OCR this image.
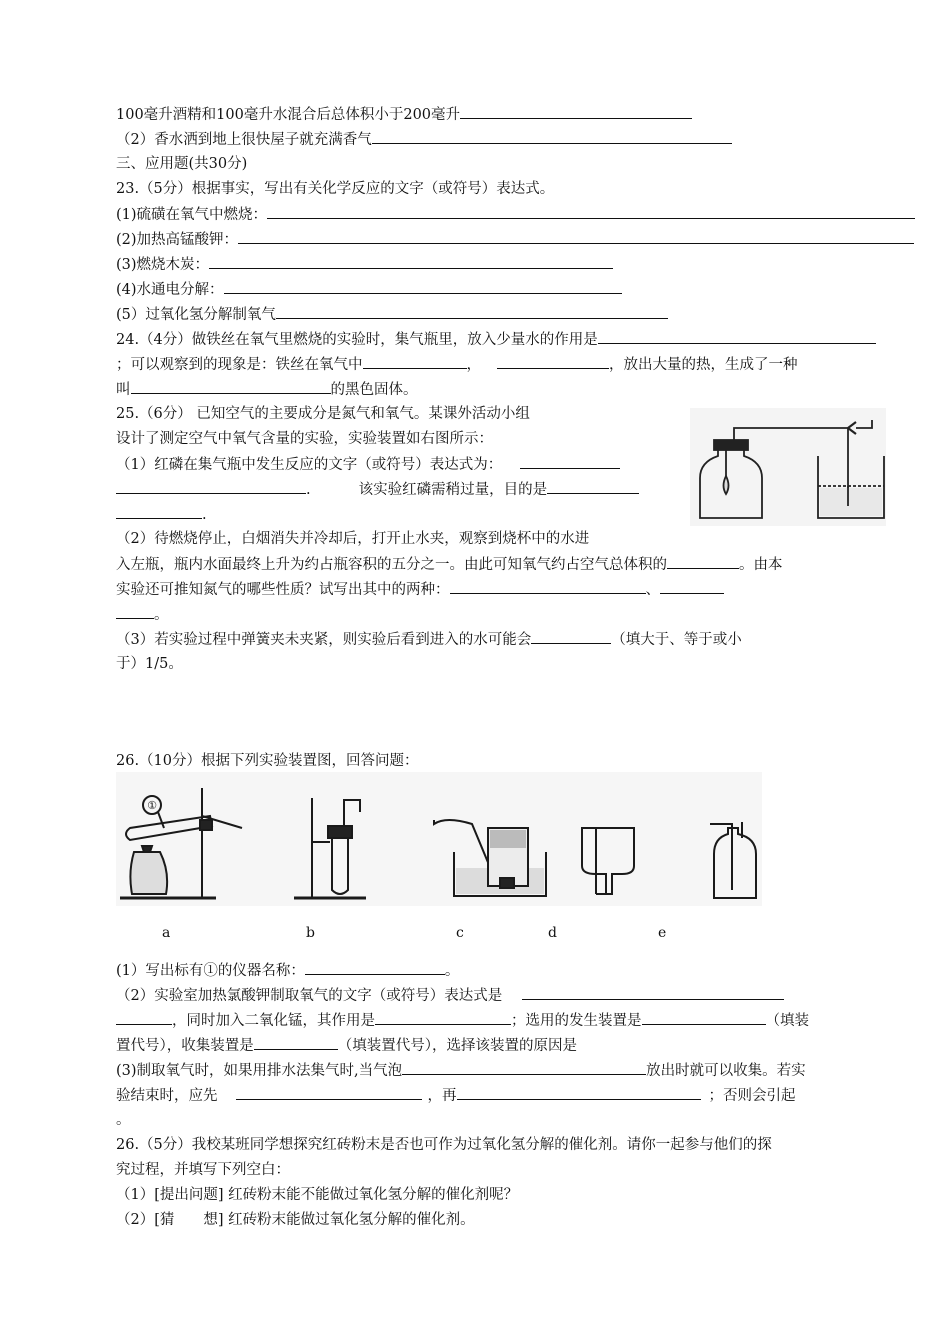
100毫升酒精和100毫升水混合后总体积小于200毫升
（2）香水洒到地上很快屋子就充满香气
三、应用题(共30分)
23.（5分）根据事实，写出有关化学反应的文字（或符号）表达式。
(1)硫磺在氧气中燃烧：
(2)加热高锰酸钾：
(3)燃烧木炭：
(4)水通电分解：
(5）过氧化氢分解制氧气
24.（4分）做铁丝在氧气里燃烧的实验时，集气瓶里，放入少量水的作用是
；可以观察到的现象是：铁丝在氧气中	，	，放出大量的热，生成了一种
叫	的黑色固体。
25.（6分） 已知空气的主要成分是氮气和氧气。某课外活动小组
设计了测定空气中氧气含量的实验，实验装置如右图所示：
（1）红磷在集气瓶中发生反应的文字（或符号）表达式为：
.	该实验红磷需稍过量，目的是
.
（2）待燃烧停止，白烟消失并冷却后，打开止水夹，观察到烧杯中的水进
入左瓶，瓶内水面最终上升为约占瓶容积的五分之一。由此可知氧气约占空气总体积的	。由本
实验还可推知氮气的哪些性质？试写出其中的两种：	、
。
（3）若实验过程中弹簧夹未夹紧，则实验后看到进入的水可能会	（填大于、等于或小
于）1/5。
26.（10分）根据下列实验装置图，回答问题：
①
a	b	c	d	e
(1）写出标有①的仪器名称：	。
（2）实验室加热氯酸钾制取氧气的文字（或符号）表达式是
，同时加入二氧化锰，其作用是	；选用的发生装置是	（填装
置代号），收集装置是	（填装置代号），选择该装置的原因是
(3)制取氧气时，如果用排水法集气时,当气泡	放出时就可以收集。若实
验结束时，应先	，再	；否则会引起
。
26.（5分）我校某班同学想探究红砖粉末是否也可作为过氧化氢分解的催化剂。请你一起参与他们的探
究过程，并填写下列空白：
（1）[提出问题] 红砖粉末能不能做过氧化氢分解的催化剂呢？
（2）[猜　　想] 红砖粉末能做过氧化氢分解的催化剂。
